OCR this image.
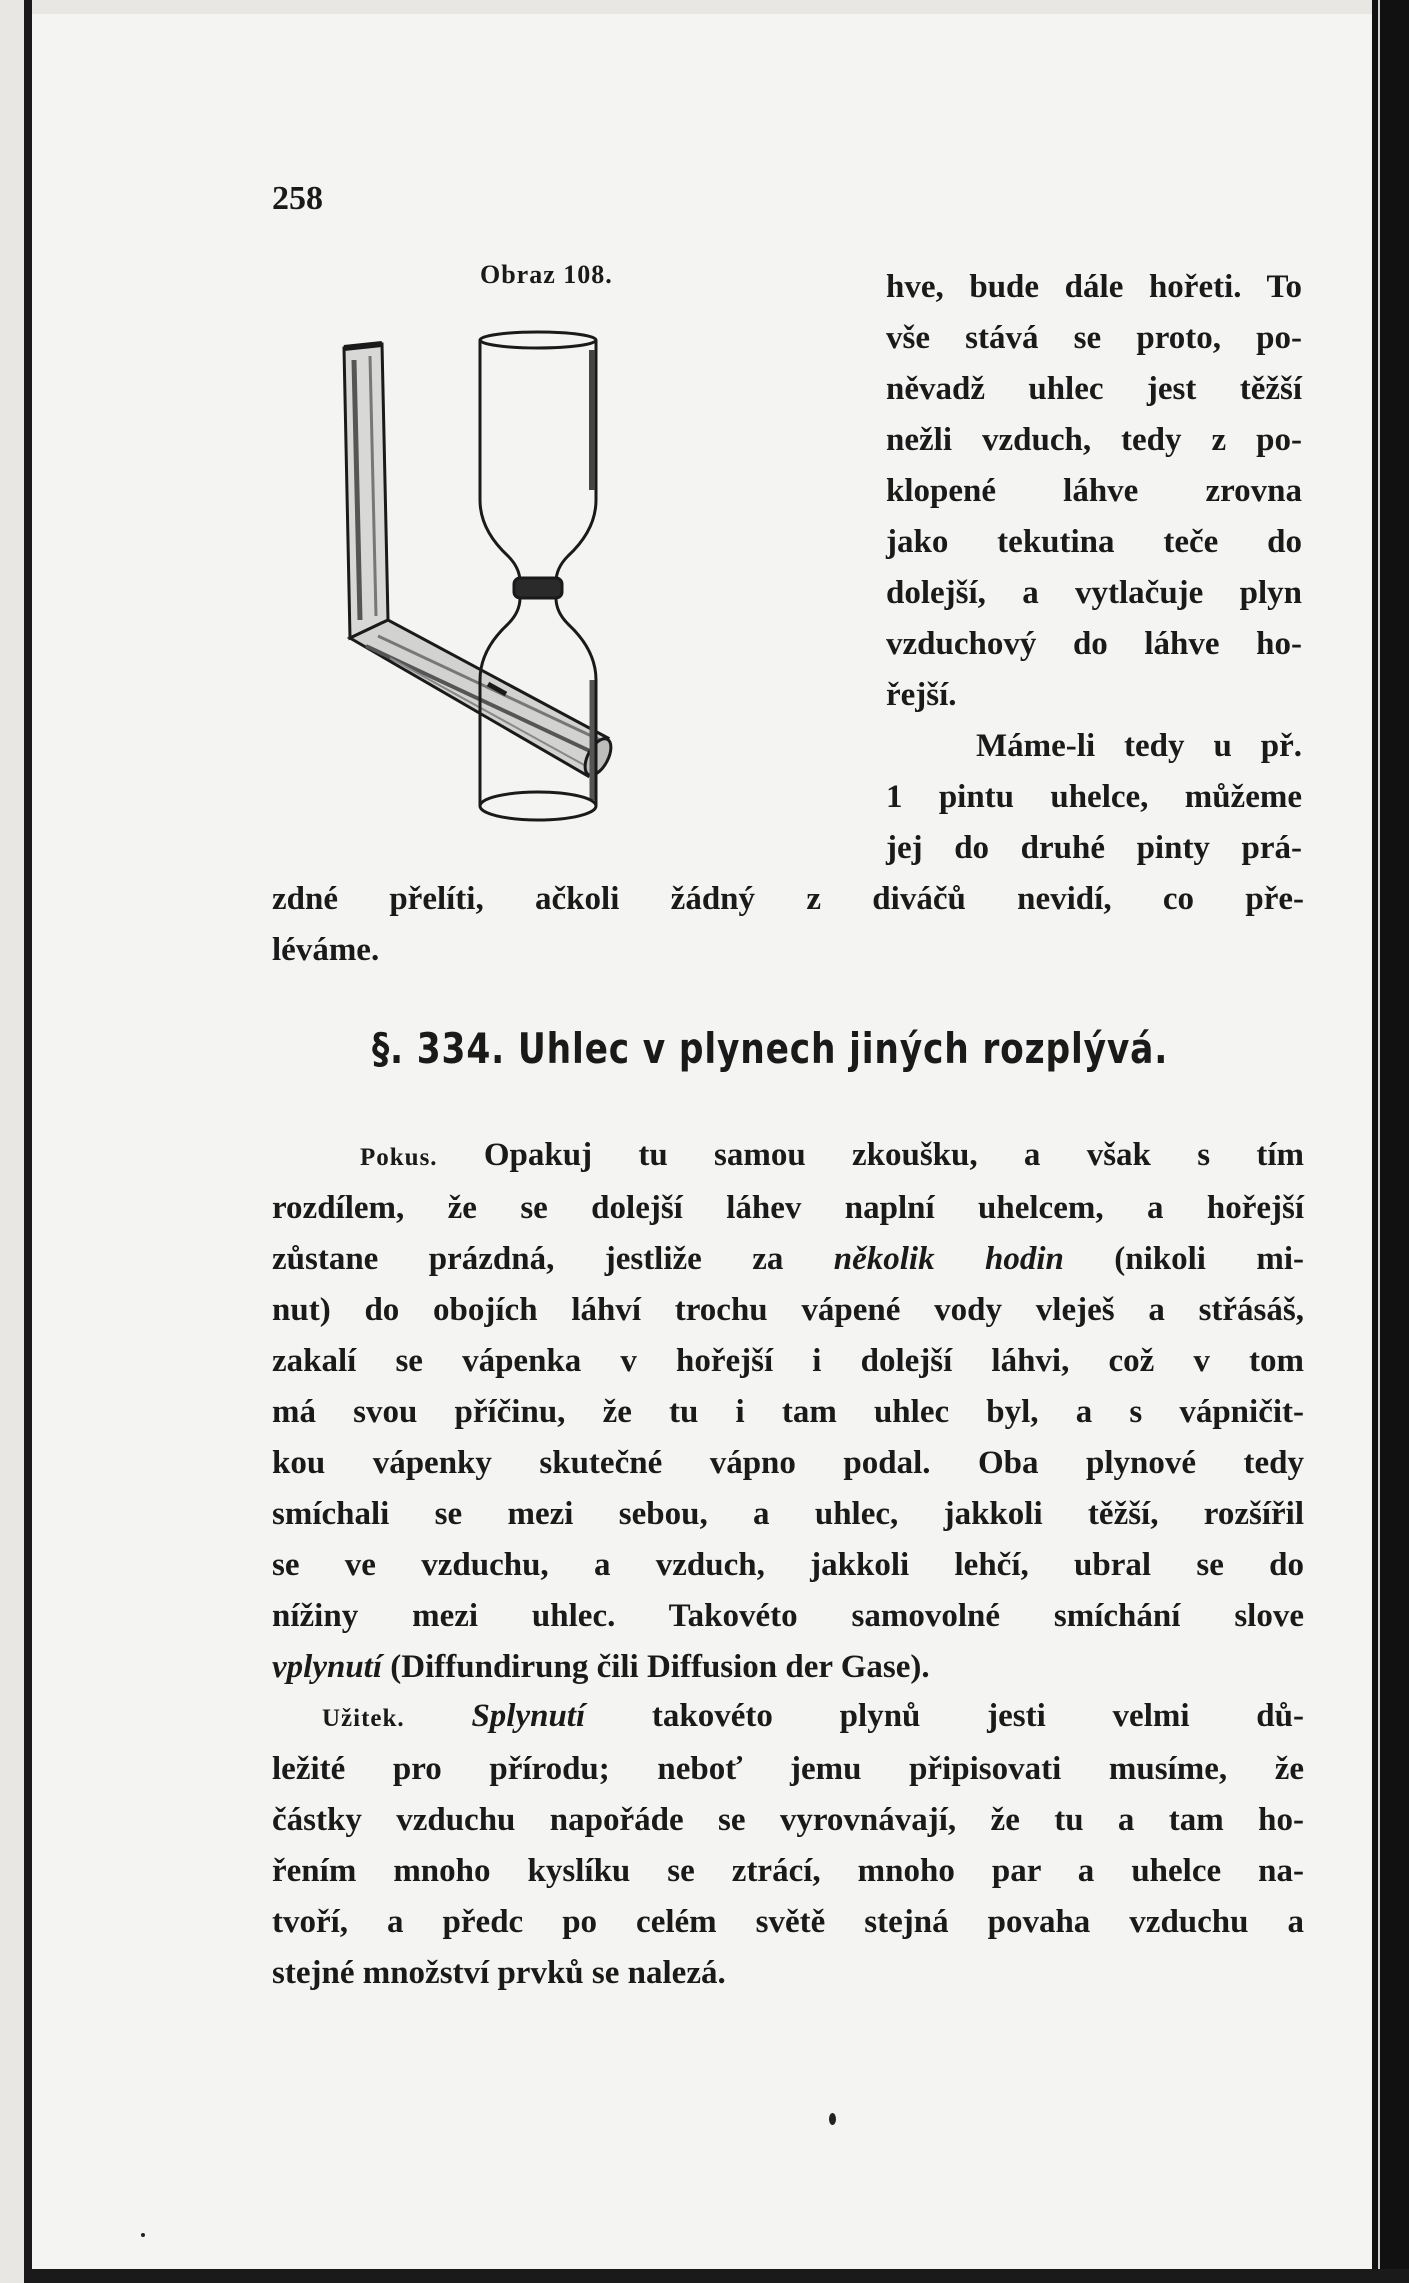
258

Obraz 108.	hve, bude dále hořeti. To
vše stává se proto, po-
něvadž uhlec jest těžší
nežli vzduch, tedy z po-
klopené láhve zrovna
jako tekutina teče do
dolejší, a vytlačuje plyn
vzduchový do láhve ho-
řejší.
Máme-li tedy u př.
1 pintu uhelce, můžeme
jej do druhé pinty prá-
zdné přelíti, ačkoli žádný z diváčů nevidí, co pře-
léváme.

§. 334. Uhlec v plynech jiných rozplývá.

Pokus. Opakuj tu samou zkoušku, a však s tím
rozdílem, že se dolejší láhev naplní uhelcem, a hořejší
zůstane prázdná, jestliže za několik hodin (nikoli mi-
nut) do obojích láhví trochu vápené vody vleješ a střásáš,
zakalí se vápenka v hořejší i dolejší láhvi, což v tom
má svou příčinu, že tu i tam uhlec byl, a s vápničit-
kou vápenky skutečné vápno podal. Oba plynové tedy
smíchali se mezi sebou, a uhlec, jakkoli těžší, rozšířil
se ve vzduchu, a vzduch, jakkoli lehčí, ubral se do
nížiny mezi uhlec. Takovéto samovolné smíchání slove
vplynutí (Diffundirung čili Diffusion der Gase).
Užitek. Splynutí takovéto plynů jesti velmi dů-
ležité pro přírodu; neboť jemu připisovati musíme, že
částky vzduchu napořáde se vyrovnávají, že tu a tam ho-
řením mnoho kyslíku se ztrácí, mnoho par a uhelce na-
tvoří, a předc po celém světě stejná povaha vzduchu a
stejné množství prvků se nalezá.
